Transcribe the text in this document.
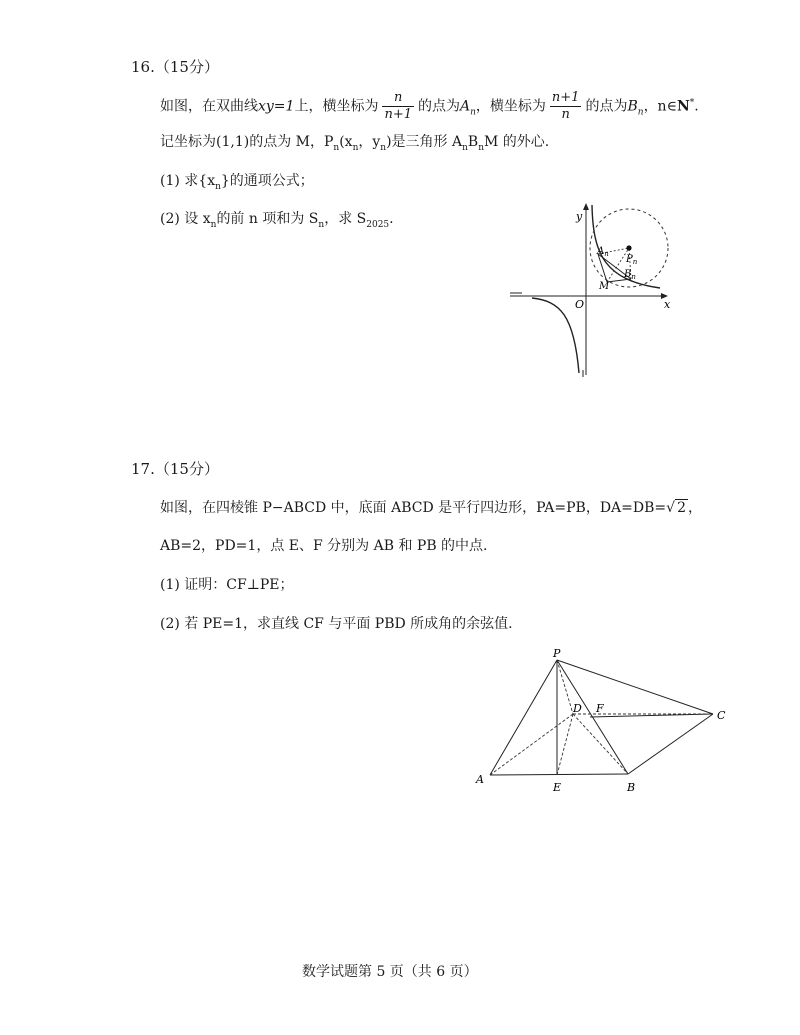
16.（15分）
如图，在双曲线xy=1上，横坐标为 $\frac{n}{n+1}$ 的点为$A_n$，横坐标为 $\frac{n+1}{n}$ 的点为$B_n$，n∈N*.
记坐标为(1,1)的点为 M，$P_n(x_n$，$y_n$)是三角形 $A_nB_nM$ 的外心.
(1) 求$\{x_n\}$的通项公式；
(2) 设 $x_n$的前 n 项和为 $S_n$，求 $S_{2025}$.	y
x
O
$A_n$ $P_n$
$B_n$
M
17.（15分）
如图，在四棱锥 P−ABCD 中，底面 ABCD 是平行四边形，PA=PB，DA=DB=√ 2 ，
AB=2，PD=1，点 E、F 分别为 AB 和 PB 的中点.
(1) 证明：CF⊥PE；
(2) 若 PE=1，求直线 CF 与平面 PBD 所成角的余弦值.
P
D F
C
A
E	B
数学试题第 5 页（共 6 页）
